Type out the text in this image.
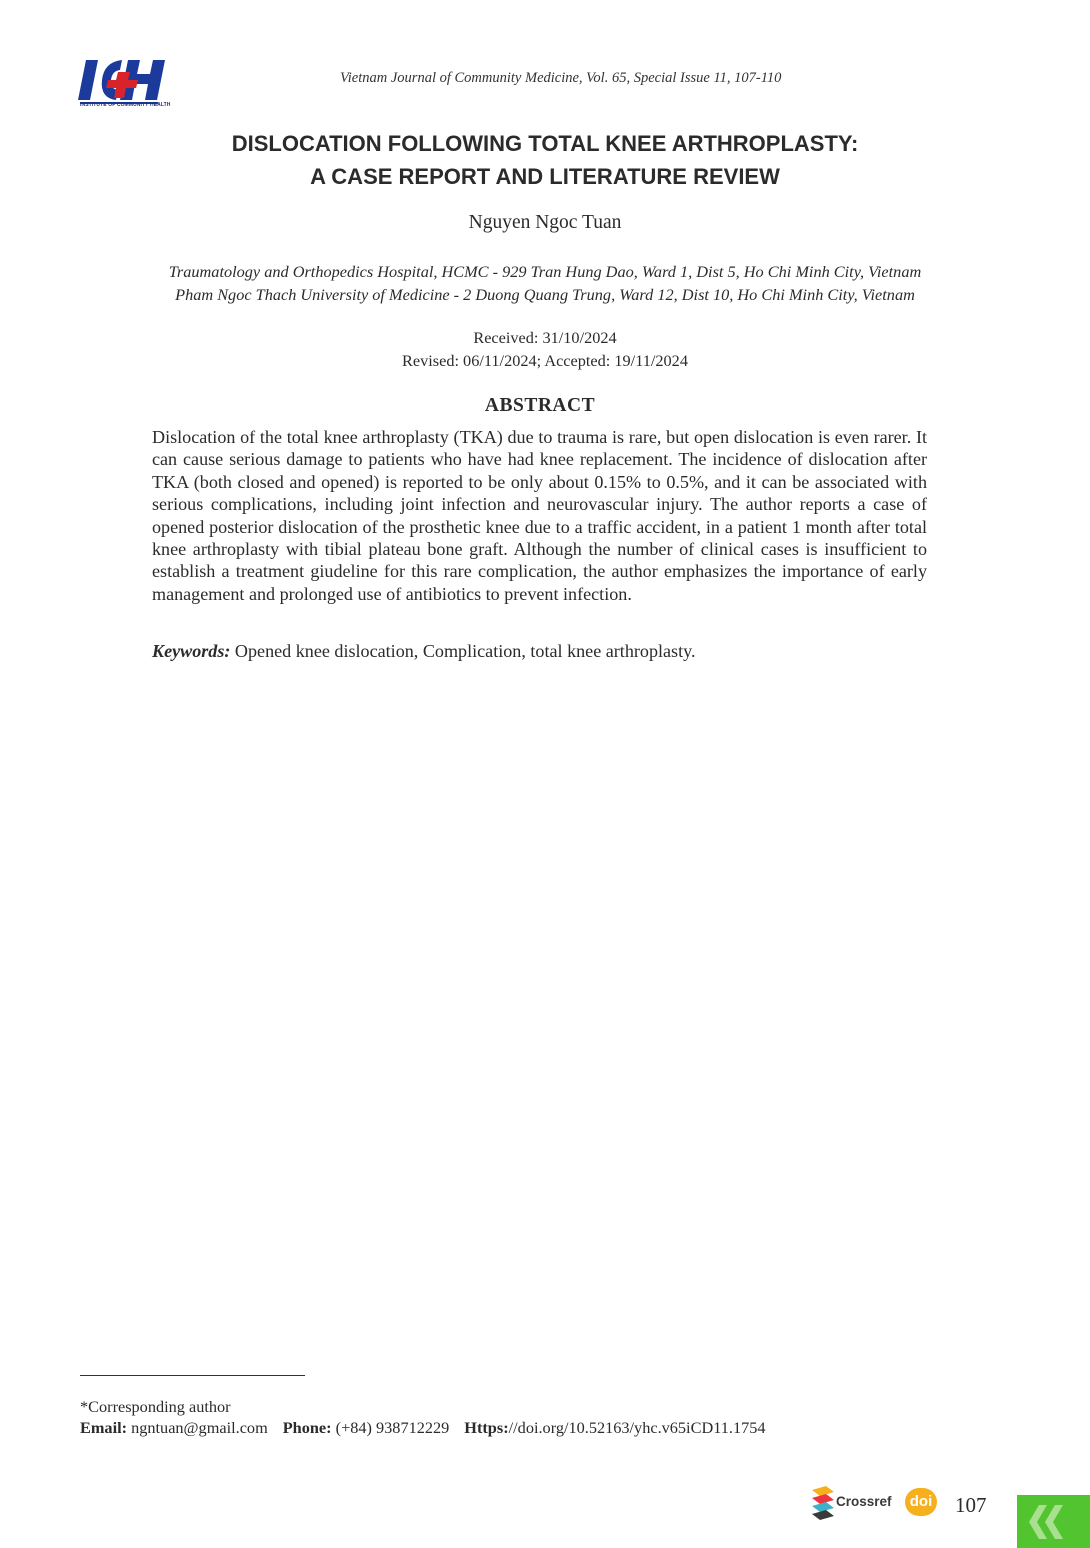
INSTITUTE OF COMMUNITY HEALTH
Vietnam Journal of Community Medicine, Vol. 65, Special Issue 11, 107-110
DISLOCATION FOLLOWING TOTAL KNEE ARTHROPLASTY:
A CASE REPORT AND LITERATURE REVIEW
Nguyen Ngoc Tuan
Traumatology and Orthopedics Hospital, HCMC - 929 Tran Hung Dao, Ward 1, Dist 5, Ho Chi Minh City, Vietnam
Pham Ngoc Thach University of Medicine - 2 Duong Quang Trung, Ward 12, Dist 10, Ho Chi Minh City, Vietnam
Received: 31/10/2024
Revised: 06/11/2024; Accepted: 19/11/2024
ABSTRACT

Dislocation of the total knee arthroplasty (TKA) due to trauma is rare, but open dislocation is even rarer. It can cause serious damage to patients who have had knee replacement. The incidence of dislocation after TKA (both closed and opened) is reported to be only about 0.15% to 0.5%, and it can be associated with serious complications, including joint infection and neurovascular injury. The author reports a case of opened posterior dislocation of the prosthetic knee due to a traffic accident, in a patient 1 month after total knee arthroplasty with tibial plateau bone graft. Although the number of clinical cases is insufficient to establish a treatment giudeline for this rare complication, the author emphasizes the importance of early management and prolonged use of antibiotics to prevent infection.

Keywords: Opened knee dislocation, Complication, total knee arthroplasty.

*Corresponding author
Email: ngntuan@gmail.com Phone: (+84) 938712229 Https://doi.org/10.52163/yhc.v65iCD11.1754
Crossref	doi 107
